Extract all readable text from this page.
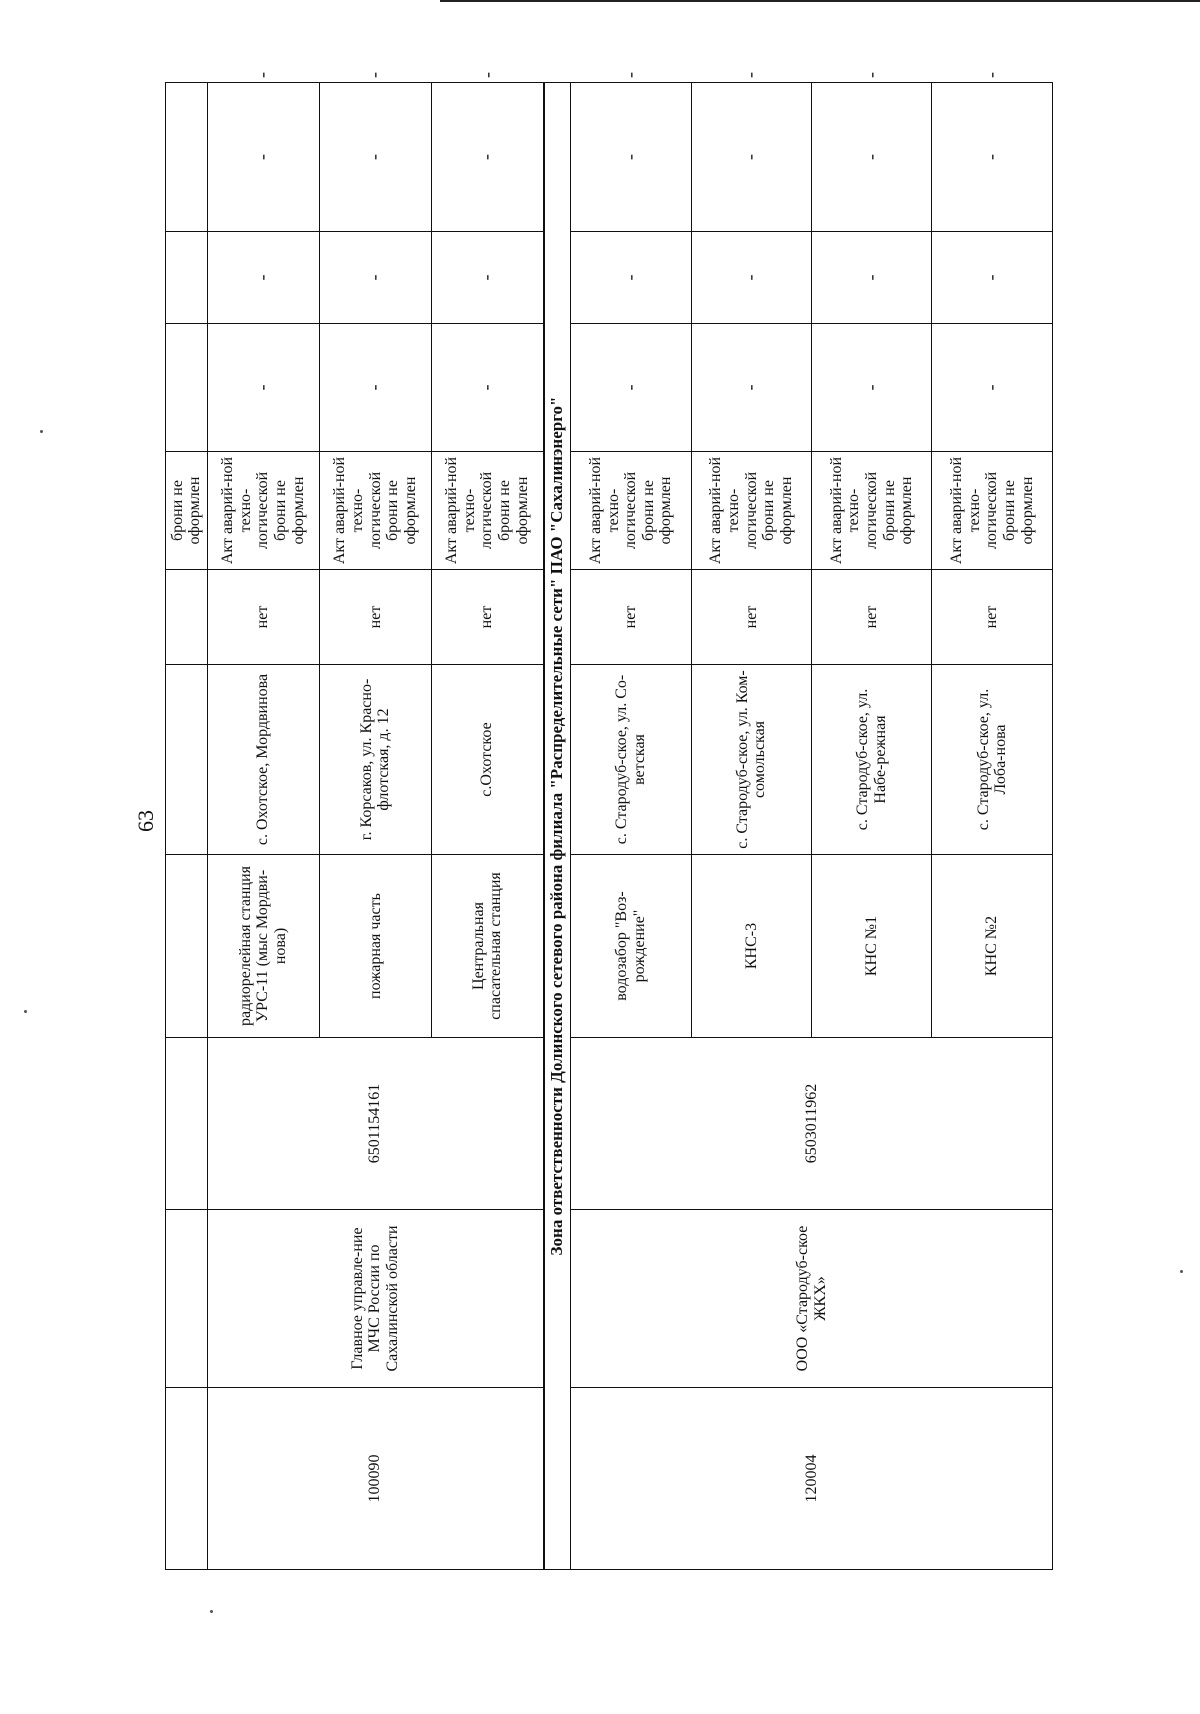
63
						брони не оформлен				
100090	Главное управле-ние МЧС России по Сахалинской области	6501154161	радиорелейная станция УРС-11 (мыс Мордви-нова)	с. Охотское, Мордвинова	нет	Акт аварий-ной техно-логической брони не оформлен	-	-	-	-
			пожарная часть	г. Корсаков, ул. Красно-флотская, д. 12	нет	Акт аварий-ной техно-логической брони не оформлен	-	-	-	-
			Центральная спасательная станция	с.Охотское	нет	Акт аварий-ной техно-логической брони не оформлен	-	-	-	-
Зона ответственности Долинского сетевого района филиала "Распределительные сети" ПАО "Сахалинэнерго"										
120004	ООО «Стародуб-ское ЖКХ»	6503011962	водозабор "Воз-рождение"	с. Стародуб-ское, ул. Со-ветская	нет	Акт аварий-ной техно-логической брони не оформлен	-	-	-	-
			КНС-3	с. Стародуб-ское, ул. Ком-сомольская	нет	Акт аварий-ной техно-логической брони не оформлен	-	-	-	-
			КНС №1	с. Стародуб-ское, ул. Набе-режная	нет	Акт аварий-ной техно-логической брони не оформлен	-	-	-	-
			КНС №2	с. Стародуб-ское, ул. Лоба-нова	нет	Акт аварий-ной техно-логической брони не оформлен	-	-	-	-
